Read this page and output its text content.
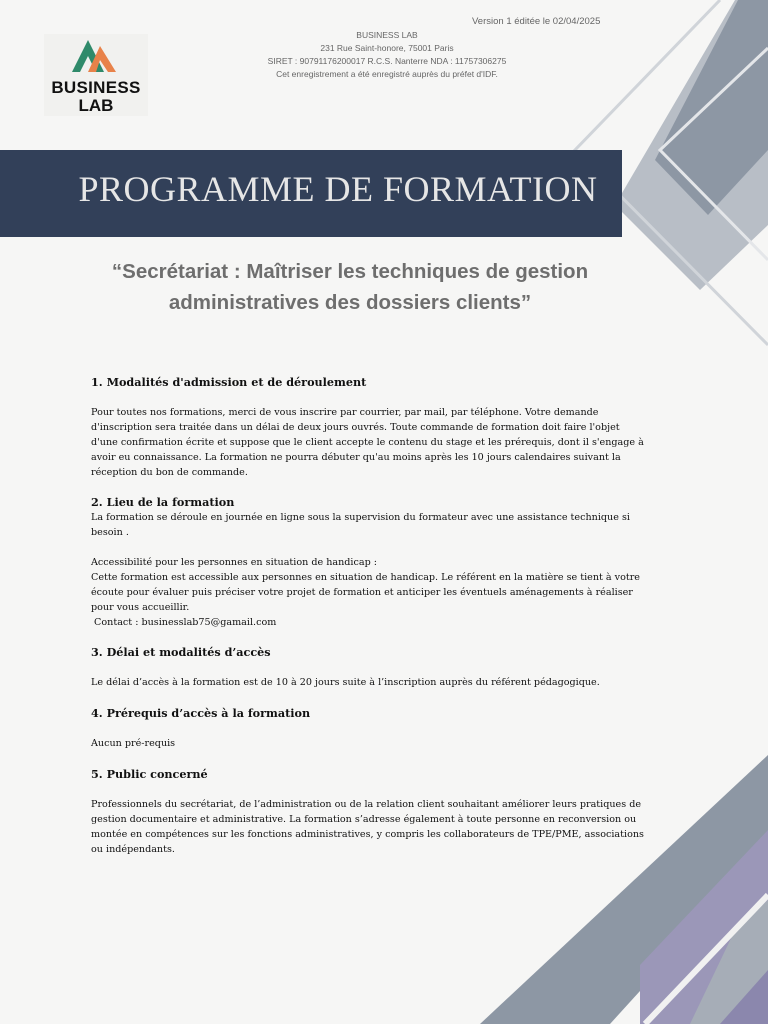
Version 1 éditée le 02/04/2025
BUSINESS LAB
231 Rue Saint-honore, 75001 Paris
SIRET : 90791176200017 R.C.S. Nanterre NDA : 11757306275
Cet enregistrement a été enregistré auprès du préfet d'IDF.
BUSINESS
LAB
PROGRAMME DE FORMATION
“Secrétariat : Maîtriser les techniques de gestion
administratives des dossiers clients”
1. Modalités d'admission et de déroulement

Pour toutes nos formations, merci de vous inscrire par courrier, par mail, par téléphone. Votre demande

d'inscription sera traitée dans un délai de deux jours ouvrés. Toute commande de formation doit faire l'objet

d'une confirmation écrite et suppose que le client accepte le contenu du stage et les prérequis, dont il s'engage à

avoir eu connaissance. La formation ne pourra débuter qu'au moins après les 10 jours calendaires suivant la

réception du bon de commande.

2. Lieu de la formation

La formation se déroule en journée en ligne sous la supervision du formateur avec une assistance technique si

besoin .

Accessibilité pour les personnes en situation de handicap :

Cette formation est accessible aux personnes en situation de handicap. Le référent en la matière se tient à votre

écoute pour évaluer puis préciser votre projet de formation et anticiper les éventuels aménagements à réaliser

pour vous accueillir.

Contact : businesslab75@gamail.com

3. Délai et modalités d’accès

Le délai d’accès à la formation est de 10 à 20 jours suite à l’inscription auprès du référent pédagogique.

4. Prérequis d’accès à la formation

Aucun pré-requis

5. Public concerné

Professionnels du secrétariat, de l’administration ou de la relation client souhaitant améliorer leurs pratiques de

gestion documentaire et administrative. La formation s’adresse également à toute personne en reconversion ou

montée en compétences sur les fonctions administratives, y compris les collaborateurs de TPE/PME, associations

ou indépendants.
